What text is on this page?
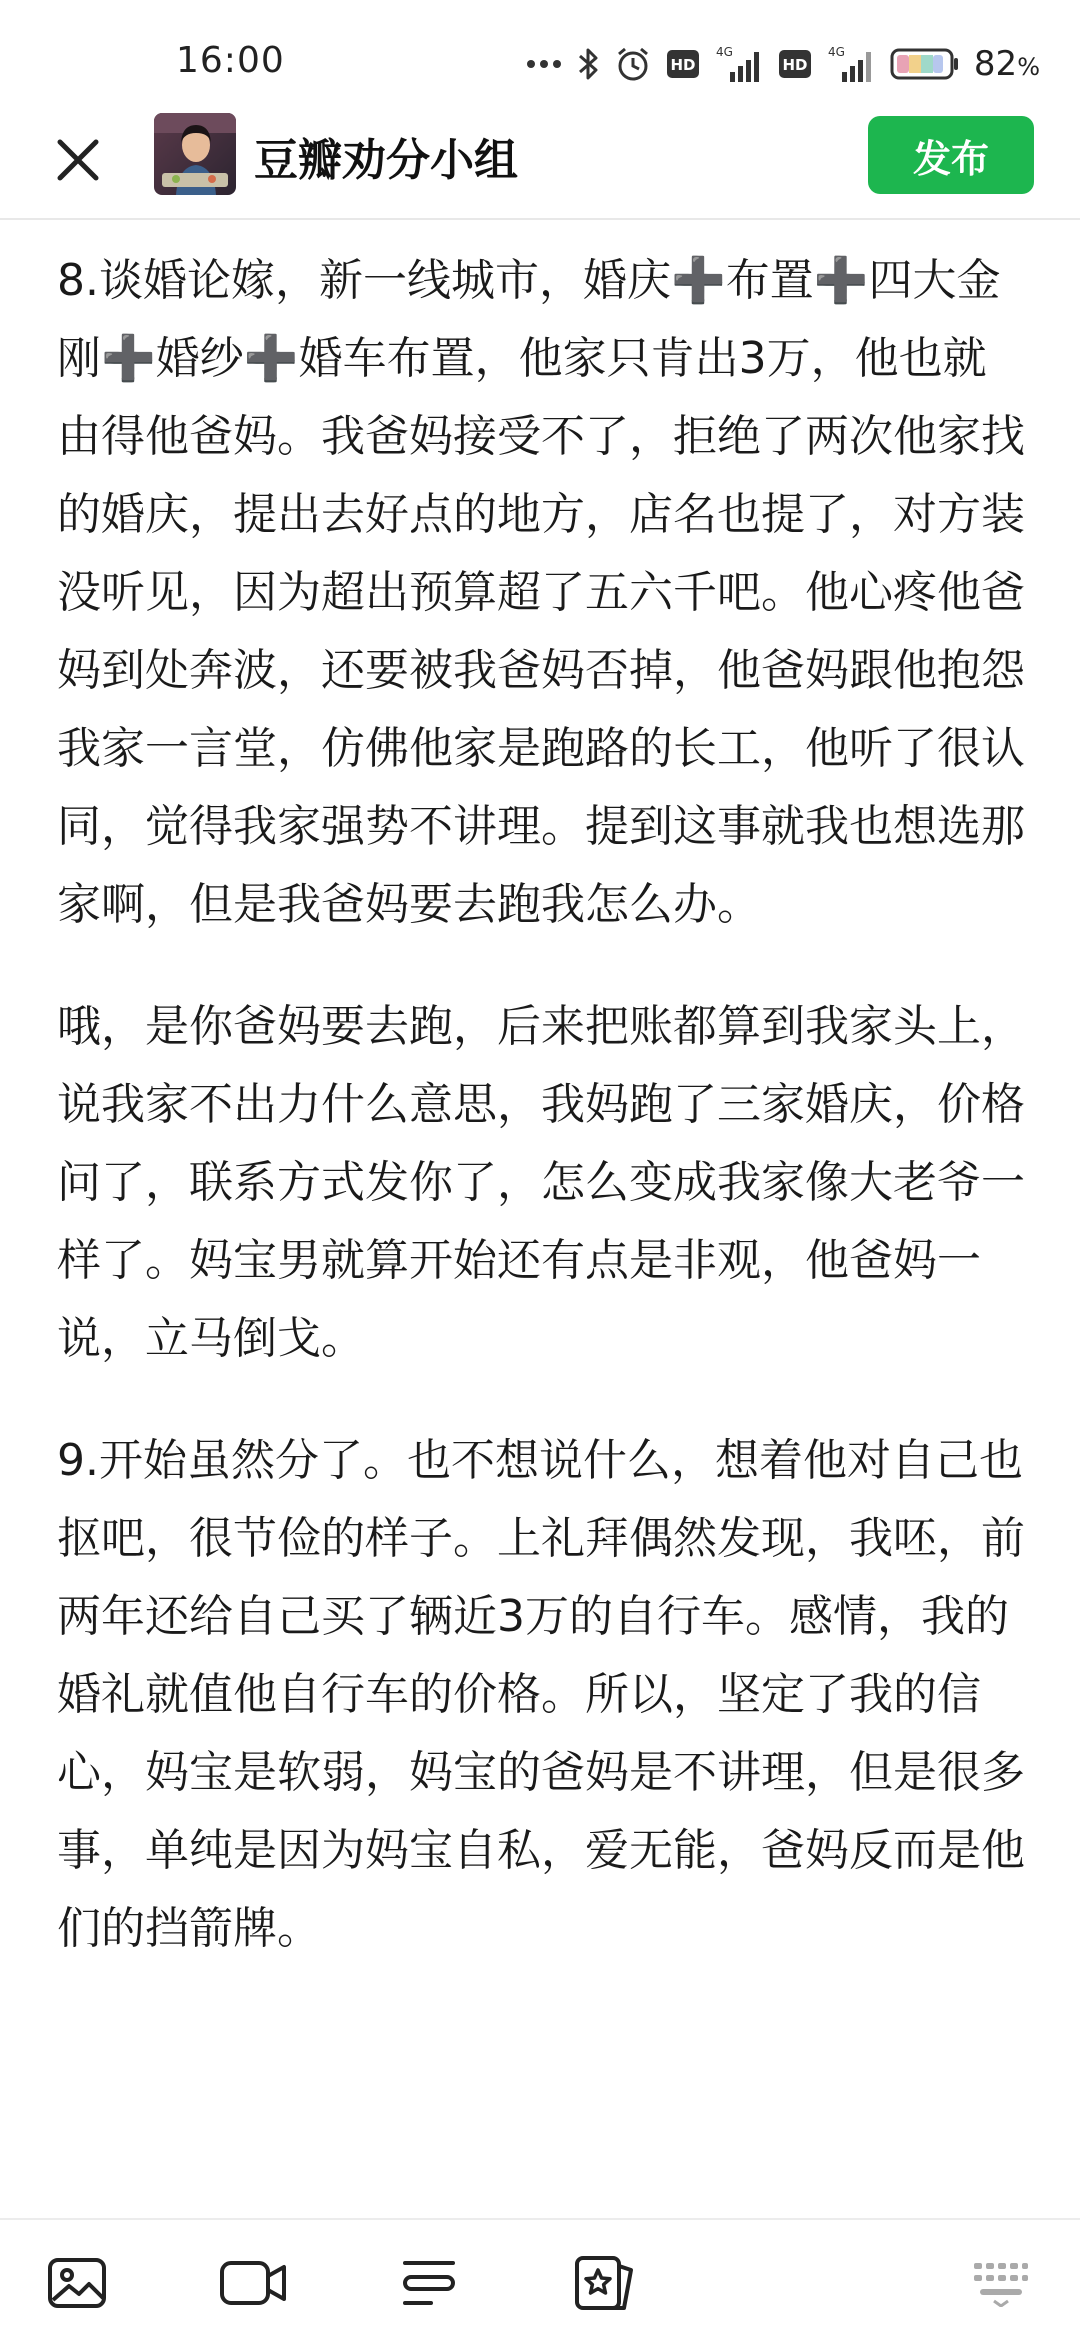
16:00	HD
4G
HD
4G	82%
豆瓣劝分小组	发布

8.谈婚论嫁，新一线城市，婚庆➕布置➕四大金刚➕婚纱➕婚车布置，他家只肯出3万，他也就由得他爸妈。我爸妈接受不了，拒绝了两次他家找的婚庆，提出去好点的地方，店名也提了，对方装没听见，因为超出预算超了五六千吧。他心疼他爸妈到处奔波，还要被我爸妈否掉，他爸妈跟他抱怨我家一言堂，仿佛他家是跑路的长工，他听了很认同，觉得我家强势不讲理。提到这事就我也想选那家啊，但是我爸妈要去跑我怎么办。

哦，是你爸妈要去跑，后来把账都算到我家头上，说我家不出力什么意思，我妈跑了三家婚庆，价格问了，联系方式发你了，怎么变成我家像大老爷一样了。妈宝男就算开始还有点是非观，他爸妈一说，立马倒戈。

9.开始虽然分了。也不想说什么，想着他对自己也抠吧，很节俭的样子。上礼拜偶然发现，我呸，前两年还给自己买了辆近3万的自行车。感情，我的婚礼就值他自行车的价格。所以，坚定了我的信心，妈宝是软弱，妈宝的爸妈是不讲理，但是很多事，单纯是因为妈宝自私，爱无能，爸妈反而是他们的挡箭牌。
